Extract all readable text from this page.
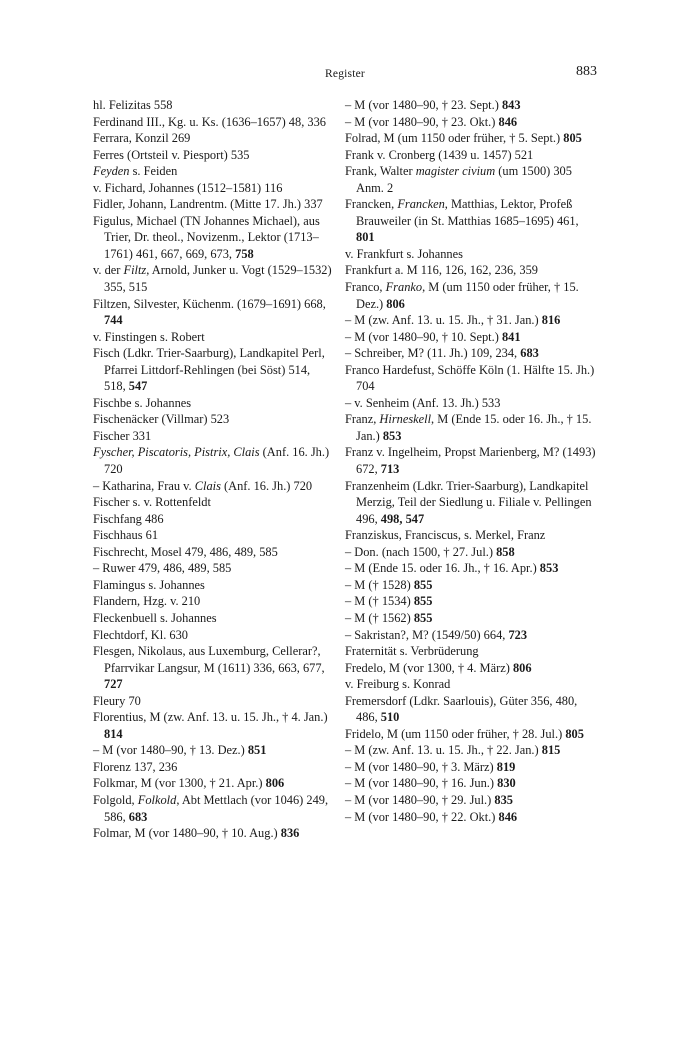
Register	883

hl. Felizitas 558

Ferdinand III., Kg. u. Ks. (1636–1657) 48, 336

Ferrara, Konzil 269

Ferres (Ortsteil v. Piesport) 535

Feyden s. Feiden

v. Fichard, Johannes (1512–1581) 116

Fidler, Johann, Landrentm. (Mitte 17. Jh.) 337

Figulus, Michael (TN Johannes Michael), aus Trier, Dr. theol., Novizenm., Lektor (1713–1761) 461, 667, 669, 673, 758

v. der Filtz, Arnold, Junker u. Vogt (1529–1532) 355, 515

Filtzen, Silvester, Küchenm. (1679–1691) 668, 744

v. Finstingen s. Robert

Fisch (Ldkr. Trier-Saarburg), Landkapitel Perl, Pfarrei Littdorf-Rehlingen (bei Söst) 514, 518, 547

Fischbe s. Johannes

Fischenäcker (Villmar) 523

Fischer 331

Fyscher, Piscatoris, Pistrix, Clais (Anf. 16. Jh.) 720

– Katharina, Frau v. Clais (Anf. 16. Jh.) 720

Fischer s. v. Rottenfeldt

Fischfang 486

Fischhaus 61

Fischrecht, Mosel 479, 486, 489, 585

– Ruwer 479, 486, 489, 585

Flamingus s. Johannes

Flandern, Hzg. v. 210

Fleckenbuell s. Johannes

Flechtdorf, Kl. 630

Flesgen, Nikolaus, aus Luxemburg, Cellerar?, Pfarrvikar Langsur, M (1611) 336, 663, 677, 727

Fleury 70

Florentius, M (zw. Anf. 13. u. 15. Jh., † 4. Jan.) 814

– M (vor 1480–90, † 13. Dez.) 851

Florenz 137, 236

Folkmar, M (vor 1300, † 21. Apr.) 806

Folgold, Folkold, Abt Mettlach (vor 1046) 249, 586, 683

Folmar, M (vor 1480–90, † 10. Aug.) 836

– M (vor 1480–90, † 23. Sept.) 843

– M (vor 1480–90, † 23. Okt.) 846

Folrad, M (um 1150 oder früher, † 5. Sept.) 805

Frank v. Cronberg (1439 u. 1457) 521

Frank, Walter magister civium (um 1500) 305 Anm. 2

Francken, Francken, Matthias, Lektor, Profeß Brauweiler (in St. Matthias 1685–1695) 461, 801

v. Frankfurt s. Johannes

Frankfurt a. M 116, 126, 162, 236, 359

Franco, Franko, M (um 1150 oder früher, † 15. Dez.) 806

– M (zw. Anf. 13. u. 15. Jh., † 31. Jan.) 816

– M (vor 1480–90, † 10. Sept.) 841

– Schreiber, M? (11. Jh.) 109, 234, 683

Franco Hardefust, Schöffe Köln (1. Hälfte 15. Jh.) 704

– v. Senheim (Anf. 13. Jh.) 533

Franz, Hirneskell, M (Ende 15. oder 16. Jh., † 15. Jan.) 853

Franz v. Ingelheim, Propst Marienberg, M? (1493) 672, 713

Franzenheim (Ldkr. Trier-Saarburg), Landkapitel Merzig, Teil der Siedlung u. Filiale v. Pellingen 496, 498, 547

Franziskus, Franciscus, s. Merkel, Franz

– Don. (nach 1500, † 27. Jul.) 858

– M (Ende 15. oder 16. Jh., † 16. Apr.) 853

– M († 1528) 855

– M († 1534) 855

– M († 1562) 855

– Sakristan?, M? (1549/50) 664, 723

Fraternität s. Verbrüderung

Fredelo, M (vor 1300, † 4. März) 806

v. Freiburg s. Konrad

Fremersdorf (Ldkr. Saarlouis), Güter 356, 480, 486, 510

Fridelo, M (um 1150 oder früher, † 28. Jul.) 805

– M (zw. Anf. 13. u. 15. Jh., † 22. Jan.) 815

– M (vor 1480–90, † 3. März) 819

– M (vor 1480–90, † 16. Jun.) 830

– M (vor 1480–90, † 29. Jul.) 835

– M (vor 1480–90, † 22. Okt.) 846
